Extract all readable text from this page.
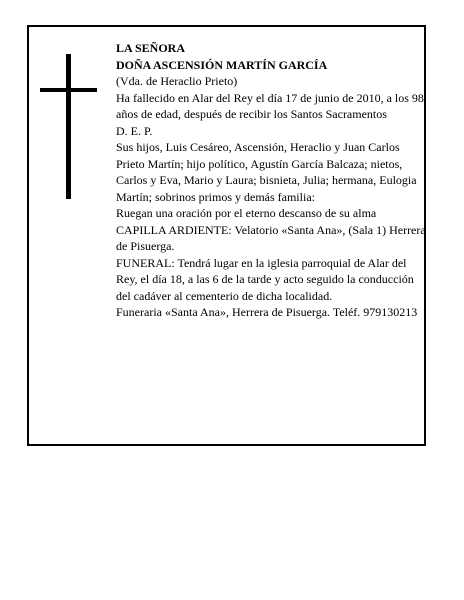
LA SEÑORA

DOÑA ASCENSIÓN MARTÍN GARCÍA

(Vda. de Heraclio Prieto)

Ha fallecido en Alar del Rey el día 17 de junio de 2010, a los 98 años de edad, después de recibir los Santos Sacramentos

D. E. P.

Sus hijos, Luis Cesáreo, Ascensión, Heraclio y Juan Carlos Prieto Martín; hijo político, Agustín García Balcaza; nietos, Carlos y Eva, Mario y Laura; bisnieta, Julia; hermana, Eulogia Martín; sobrinos primos y demás familia:

Ruegan una oración por el eterno descanso de su alma

CAPILLA ARDIENTE: Velatorio «Santa Ana», (Sala 1) Herrera de Pisuerga.

FUNERAL: Tendrá lugar en la iglesia parroquial de Alar del Rey, el día 18, a las 6 de la tarde y acto seguido la conducción del cadáver al cementerio de dicha localidad.

Funeraria «Santa Ana», Herrera de Pisuerga. Teléf. 979130213
